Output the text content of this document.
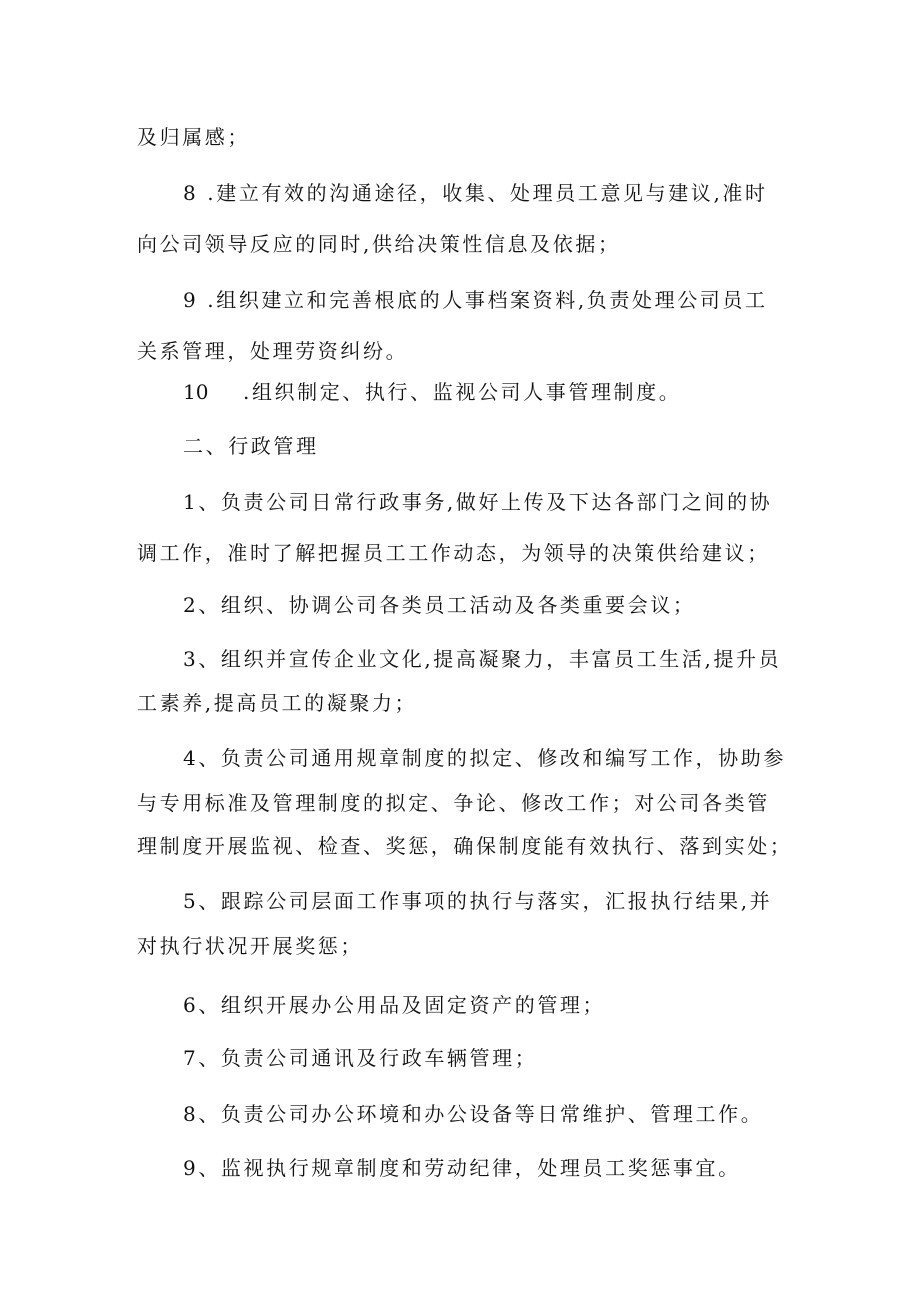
及归属感；
8 .建立有效的沟通途径，收集、处理员工意见与建议,准时
向公司领导反应的同时,供给决策性信息及依据；
9 .组织建立和完善根底的人事档案资料,负责处理公司员工
关系管理，处理劳资纠纷。
10 .组织制定、执行、监视公司人事管理制度。
二、行政管理
1、负责公司日常行政事务,做好上传及下达各部门之间的协
调工作，准时了解把握员工工作动态，为领导的决策供给建议；
2、组织、协调公司各类员工活动及各类重要会议；
3、组织并宣传企业文化,提高凝聚力，丰富员工生活,提升员
工素养,提高员工的凝聚力；
4、负责公司通用规章制度的拟定、修改和编写工作，协助参
与专用标准及管理制度的拟定、争论、修改工作；对公司各类管
理制度开展监视、检查、奖惩，确保制度能有效执行、落到实处；
5、跟踪公司层面工作事项的执行与落实，汇报执行结果,并
对执行状况开展奖惩；
6、组织开展办公用品及固定资产的管理；
7、负责公司通讯及行政车辆管理；
8、负责公司办公环境和办公设备等日常维护、管理工作。
9、监视执行规章制度和劳动纪律，处理员工奖惩事宜。
